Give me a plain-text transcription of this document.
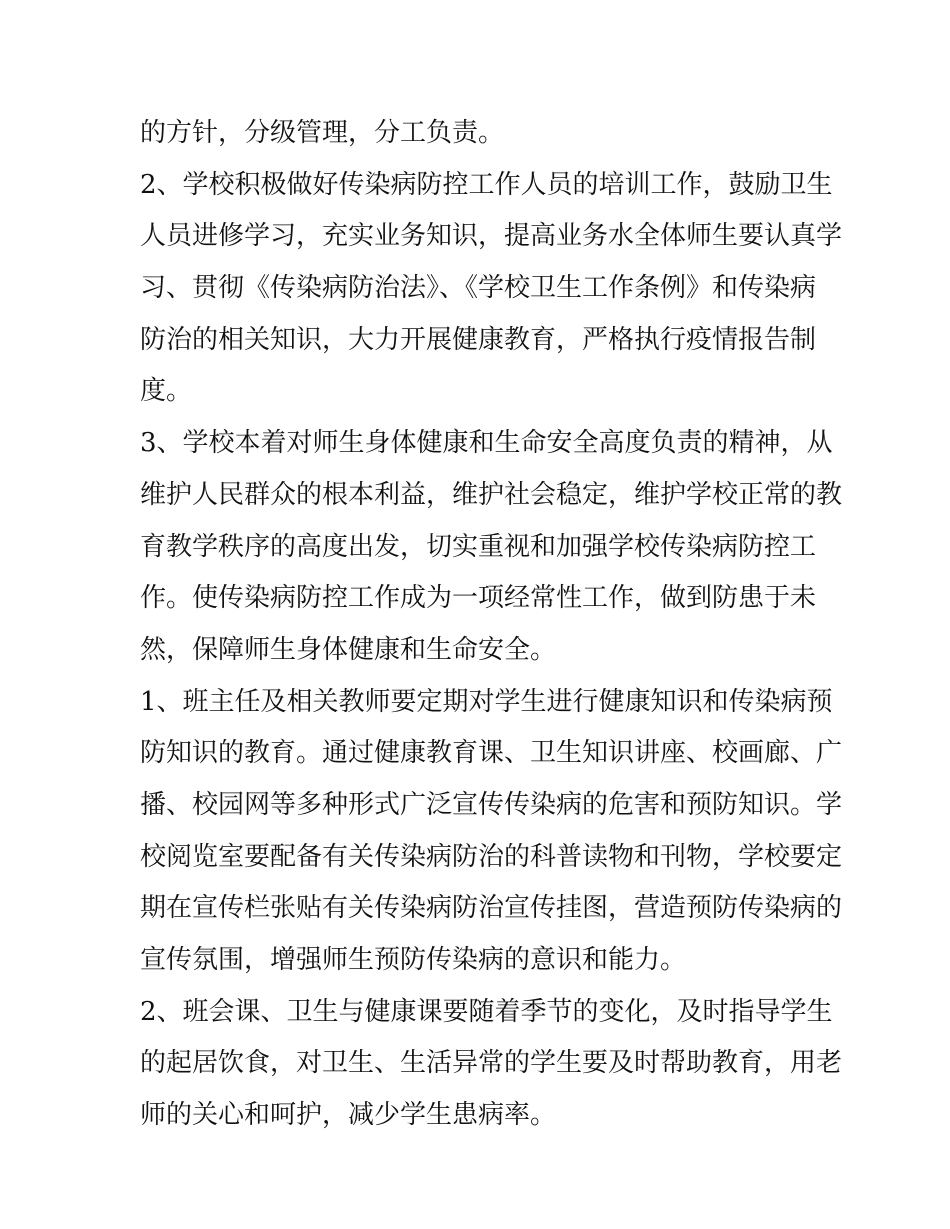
的方针，分级管理，分工负责。
2、学校积极做好传染病防控工作人员的培训工作，鼓励卫生
人员进修学习，充实业务知识，提高业务水全体师生要认真学
习、贯彻《传染病防治法》、《学校卫生工作条例》和传染病
防治的相关知识，大力开展健康教育，严格执行疫情报告制
度。
3、学校本着对师生身体健康和生命安全高度负责的精神，从
维护人民群众的根本利益，维护社会稳定，维护学校正常的教
育教学秩序的高度出发，切实重视和加强学校传染病防控工
作。使传染病防控工作成为一项经常性工作，做到防患于未
然，保障师生身体健康和生命安全。
1、班主任及相关教师要定期对学生进行健康知识和传染病预
防知识的教育。通过健康教育课、卫生知识讲座、校画廊、广
播、校园网等多种形式广泛宣传传染病的危害和预防知识。学
校阅览室要配备有关传染病防治的科普读物和刊物，学校要定
期在宣传栏张贴有关传染病防治宣传挂图，营造预防传染病的
宣传氛围，增强师生预防传染病的意识和能力。
2、班会课、卫生与健康课要随着季节的变化，及时指导学生
的起居饮食，对卫生、生活异常的学生要及时帮助教育，用老
师的关心和呵护，减少学生患病率。
